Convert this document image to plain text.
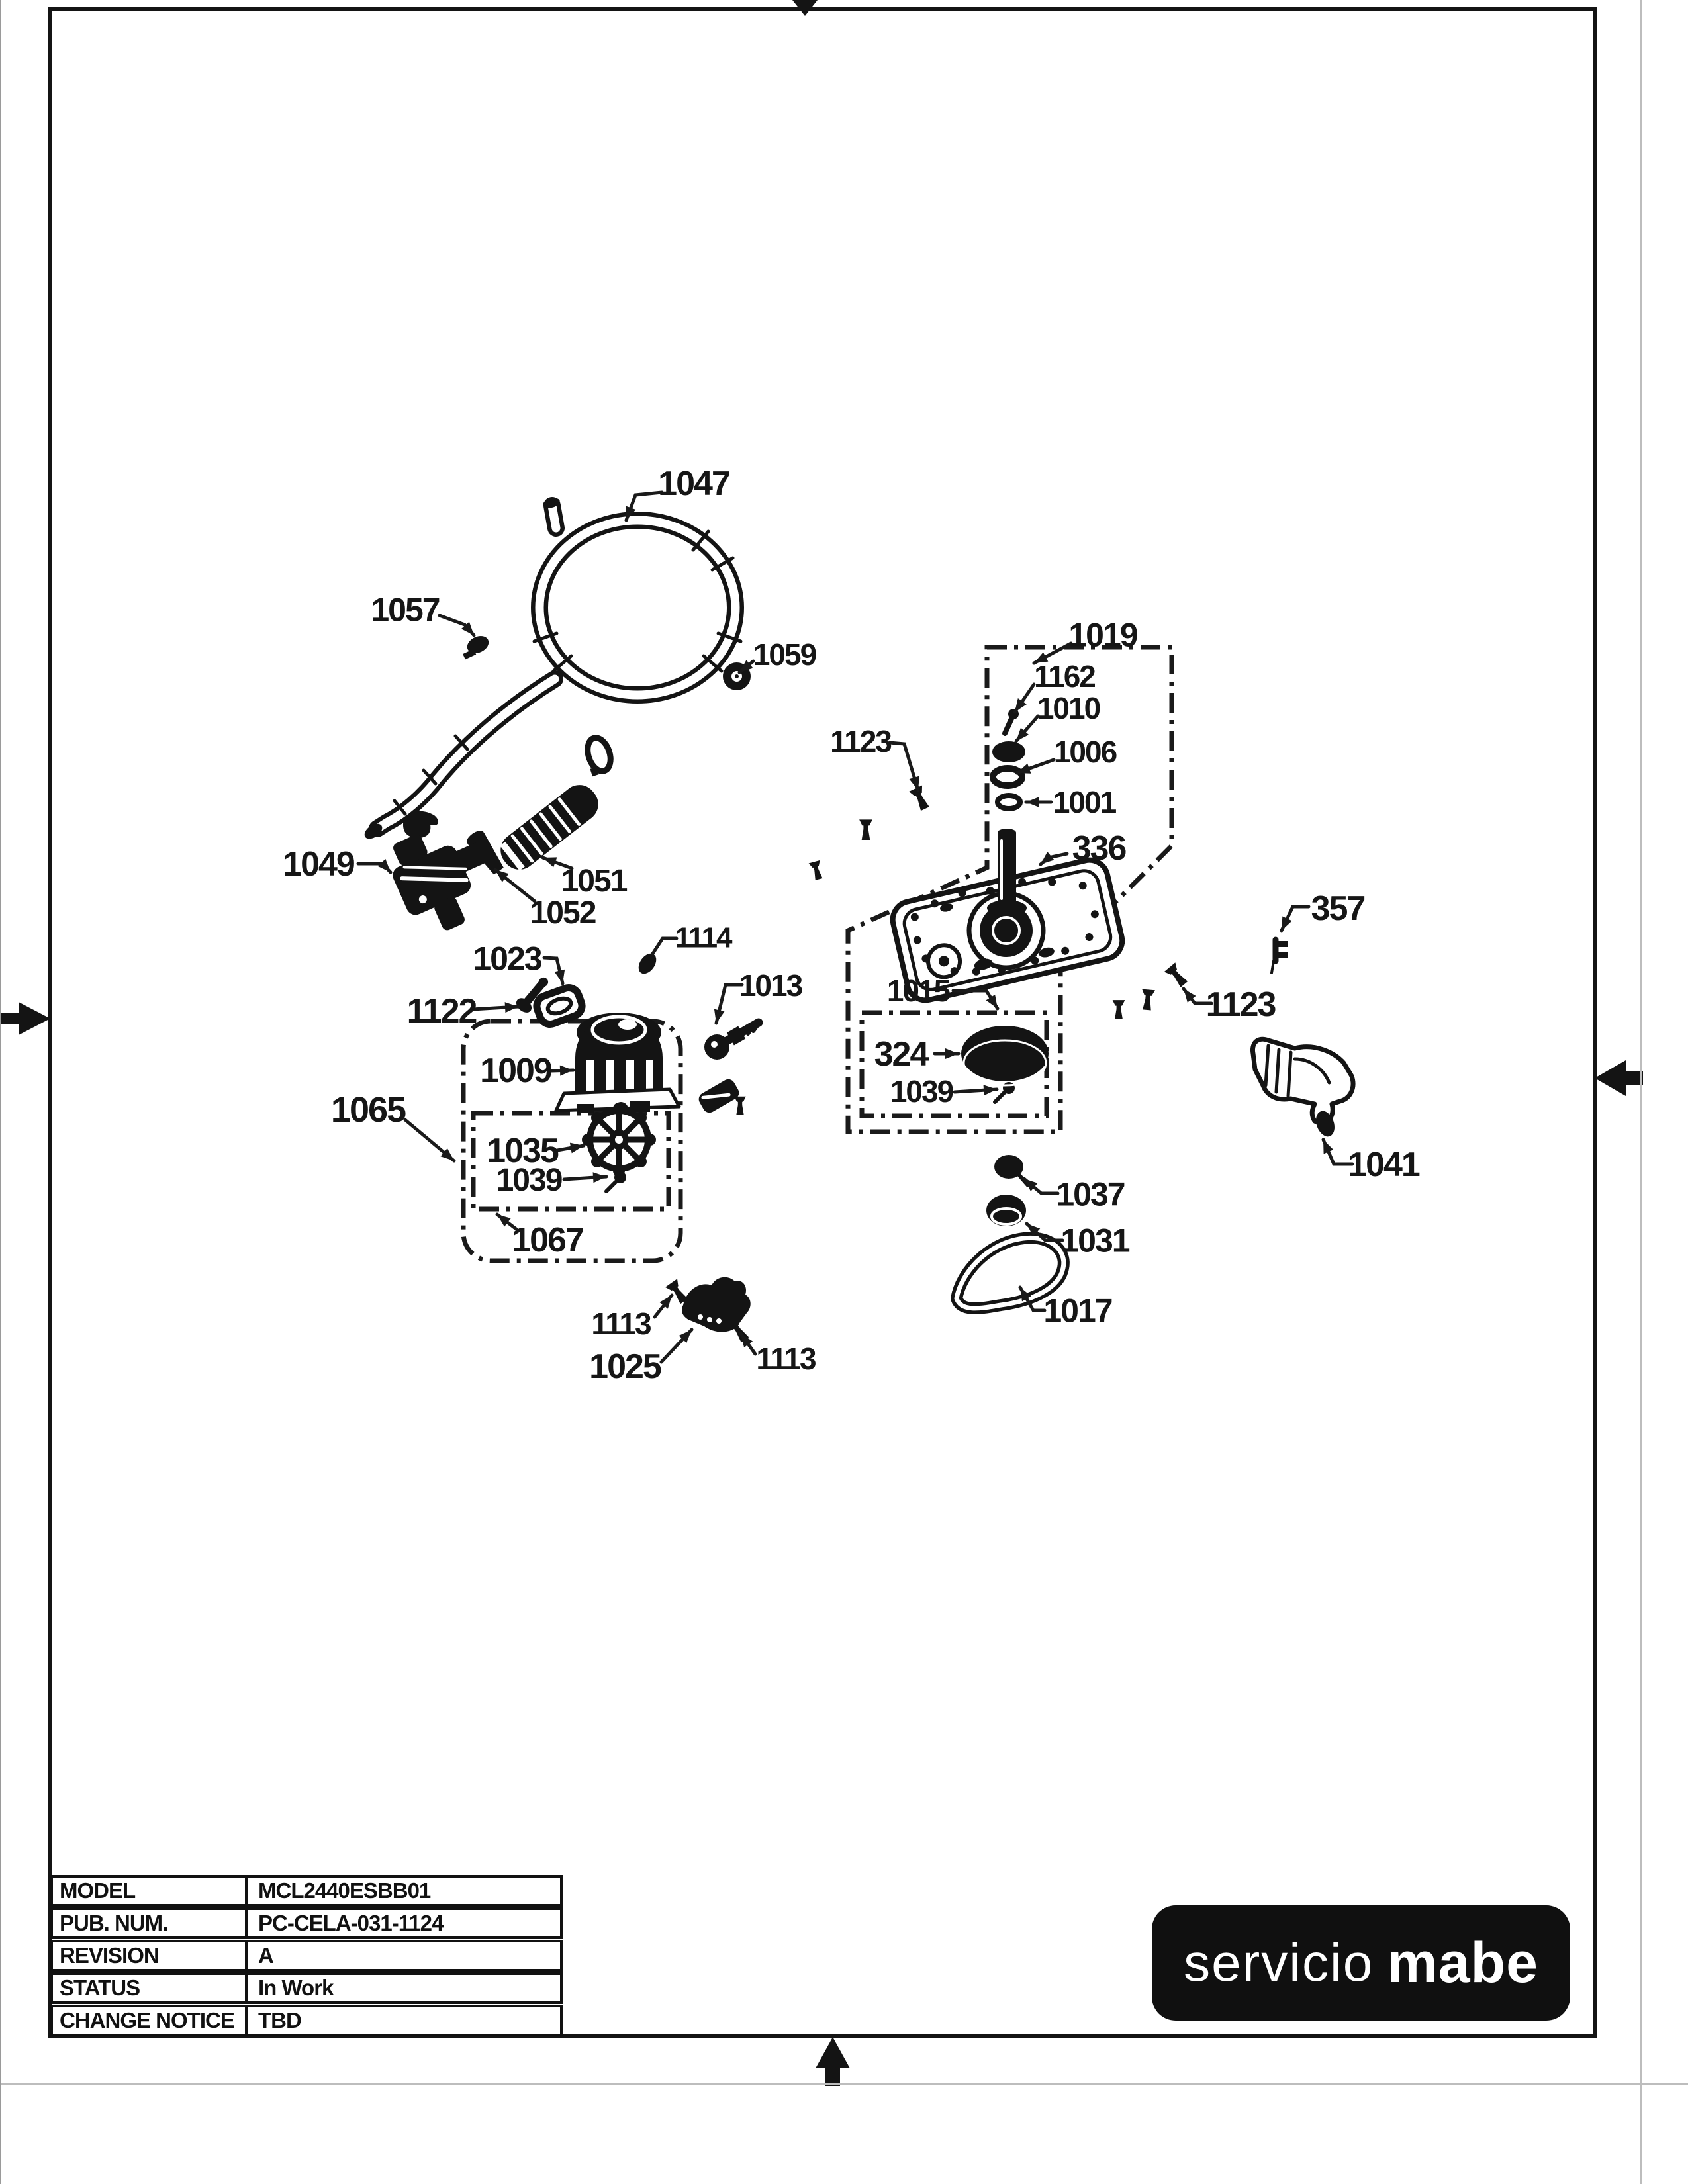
1047
1057
1059
1123
1019
1162
1010
1006
1001
336
357
1123
1015
324
1039
1041
1037
1031
1017
1009
1065
1035
1039
1067
1113
1025	1113
1049	1051
1052
1114
1023
1122
1013
MODEL	MCL2440ESBB01
PUB. NUM.	PC-CELA-031-1124
REVISION	A
STATUS	In Work
CHANGE NOTICE	TBD
servicio mabe
